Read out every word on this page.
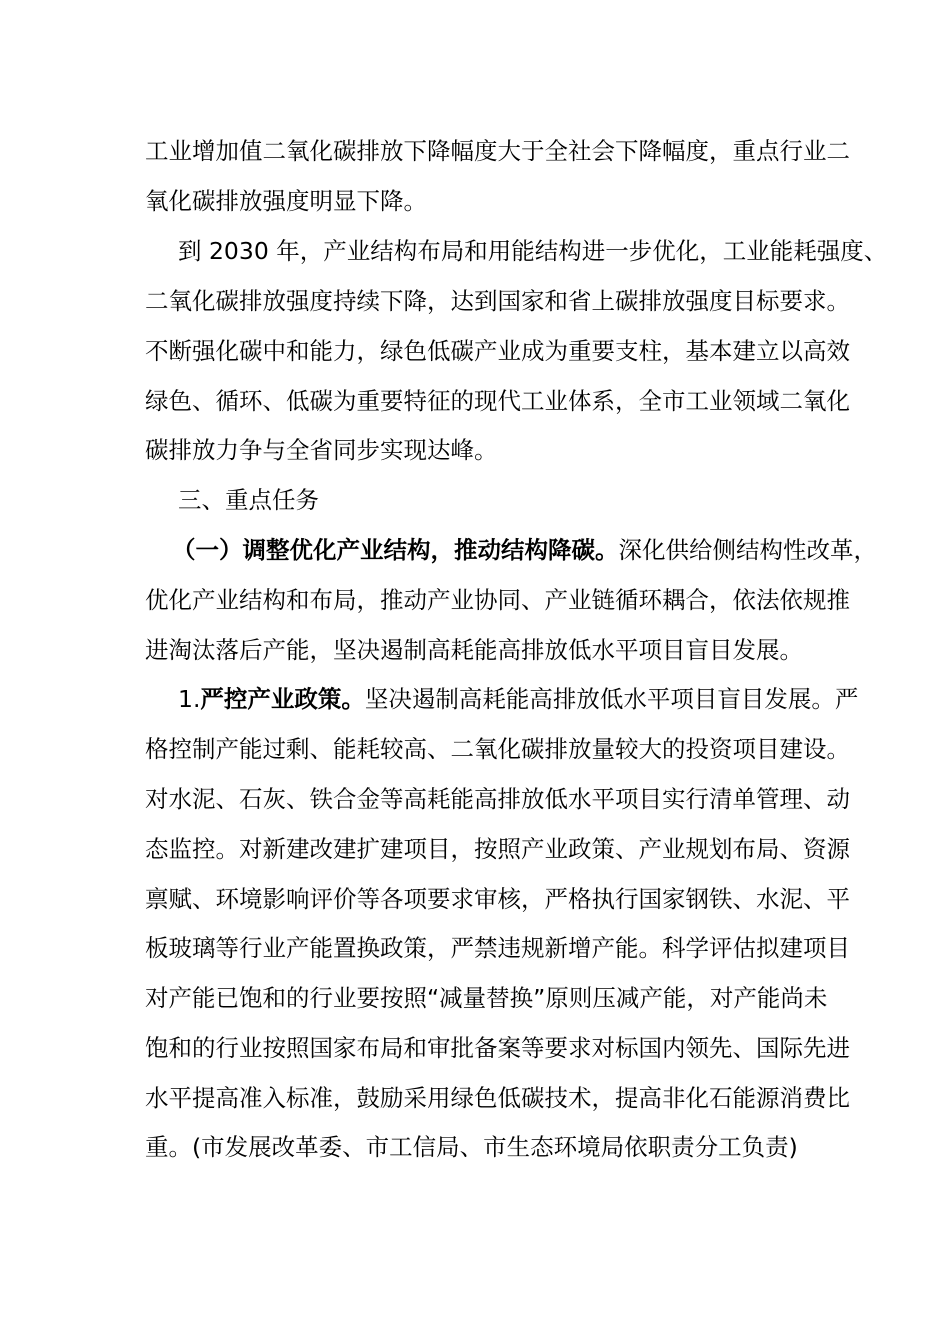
工业增加值二氧化碳排放下降幅度大于全社会下降幅度，重点行业二
氧化碳排放强度明显下降。
到 2030 年，产业结构布局和用能结构进一步优化，工业能耗强度、
二氧化碳排放强度持续下降，达到国家和省上碳排放强度目标要求。
不断强化碳中和能力，绿色低碳产业成为重要支柱，基本建立以高效
绿色、循环、低碳为重要特征的现代工业体系，全市工业领域二氧化
碳排放力争与全省同步实现达峰。
三、重点任务
（一）调整优化产业结构，推动结构降碳。深化供给侧结构性改革，
优化产业结构和布局，推动产业协同、产业链循环耦合，依法依规推
进淘汰落后产能，坚决遏制高耗能高排放低水平项目盲目发展。
1.严控产业政策。坚决遏制高耗能高排放低水平项目盲目发展。严
格控制产能过剩、能耗较高、二氧化碳排放量较大的投资项目建设。
对水泥、石灰、铁合金等高耗能高排放低水平项目实行清单管理、动
态监控。对新建改建扩建项目，按照产业政策、产业规划布局、资源
禀赋、环境影响评价等各项要求审核，严格执行国家钢铁、水泥、平
板玻璃等行业产能置换政策，严禁违规新增产能。科学评估拟建项目
对产能已饱和的行业要按照“减量替换”原则压减产能，对产能尚未
饱和的行业按照国家布局和审批备案等要求对标国内领先、国际先进
水平提高准入标准，鼓励采用绿色低碳技术，提高非化石能源消费比
重。(市发展改革委、市工信局、市生态环境局依职责分工负责)
